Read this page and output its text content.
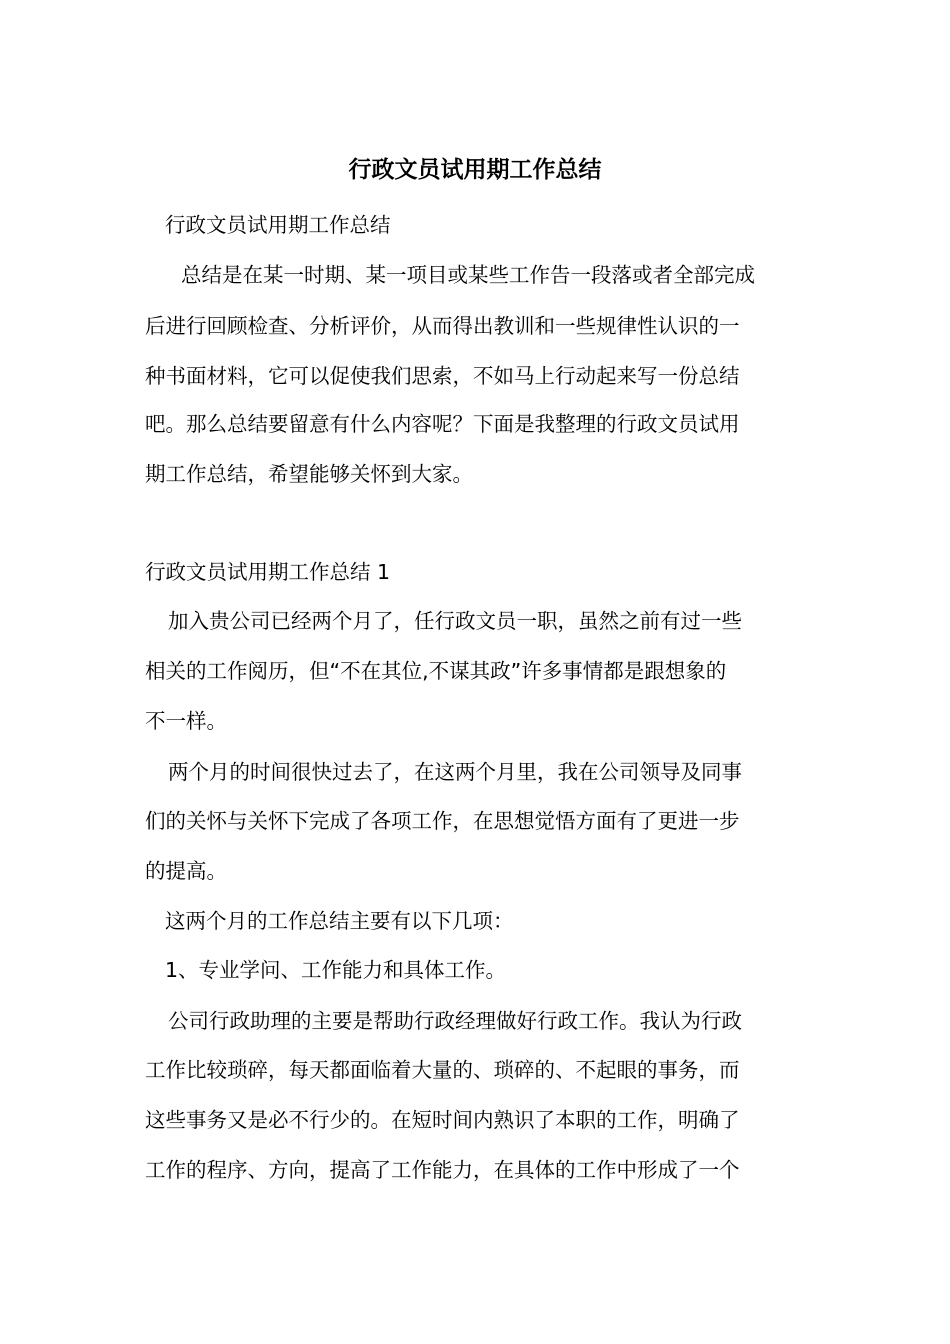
行政文员试用期工作总结

行政文员试用期工作总结

总结是在某一时期、某一项目或某些工作告一段落或者全部完成

后进行回顾检查、分析评价，从而得出教训和一些规律性认识的一

种书面材料，它可以促使我们思索，不如马上行动起来写一份总结

吧。那么总结要留意有什么内容呢？下面是我整理的行政文员试用

期工作总结，希望能够关怀到大家。

行政文员试用期工作总结 1

加入贵公司已经两个月了，任行政文员一职，虽然之前有过一些

相关的工作阅历，但“不在其位,不谋其政”许多事情都是跟想象的

不一样。

两个月的时间很快过去了，在这两个月里，我在公司领导及同事

们的关怀与关怀下完成了各项工作，在思想觉悟方面有了更进一步

的提高。

这两个月的工作总结主要有以下几项：

1、专业学问、工作能力和具体工作。

公司行政助理的主要是帮助行政经理做好行政工作。我认为行政

工作比较琐碎，每天都面临着大量的、琐碎的、不起眼的事务，而

这些事务又是必不行少的。在短时间内熟识了本职的工作，明确了

工作的程序、方向，提高了工作能力，在具体的工作中形成了一个
